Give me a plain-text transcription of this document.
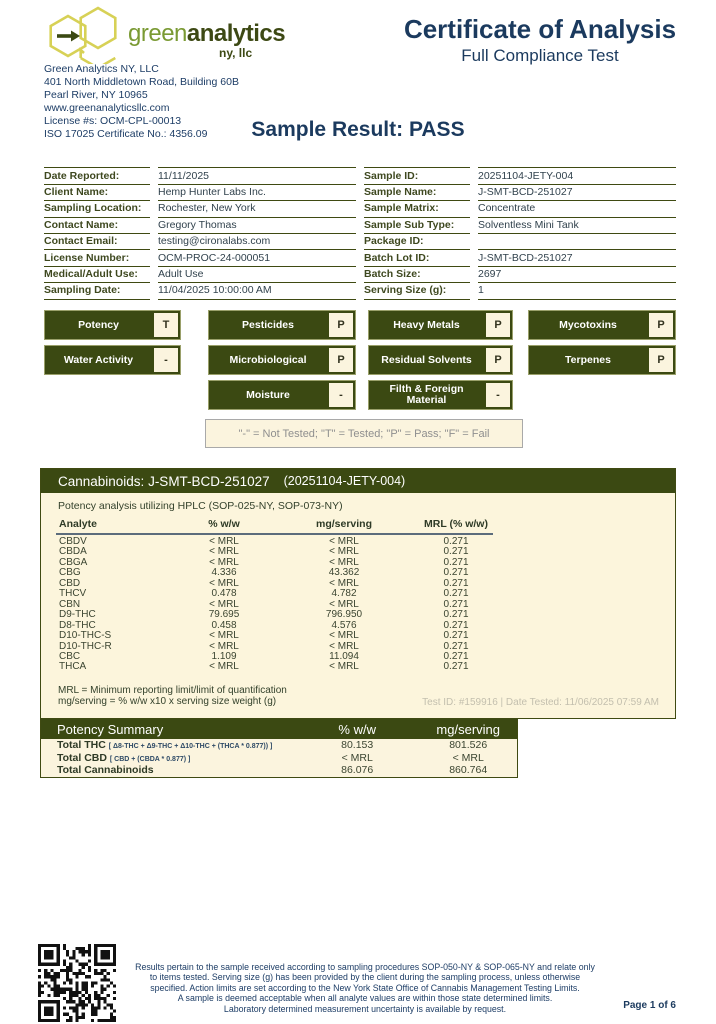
greenanalytics
ny, llc
Green Analytics NY, LLC
401 North Middletown Road, Building 60B
Pearl River, NY 10965
www.greenanalyticsllc.com
License #s: OCM-CPL-00013
ISO 17025 Certificate No.: 4356.09
Certificate of Analysis
Full Compliance Test
Sample Result: PASS
Date Reported:	11/11/2025
Client Name:	Hemp Hunter Labs Inc.
Sampling Location:	Rochester, New York
Contact Name:	Gregory Thomas
Contact Email:	testing@cironalabs.com
License Number:	OCM-PROC-24-000051
Medical/Adult Use:	Adult Use
Sampling Date:	11/04/2025 10:00:00 AM
Sample ID:	20251104-JETY-004
Sample Name:	J-SMT-BCD-251027
Sample Matrix:	Concentrate
Sample Sub Type:	Solventless Mini Tank
Package ID:
Batch Lot ID:	J-SMT-BCD-251027
Batch Size:	2697
Serving Size (g):	1
Potency	T
Water Activity	-
Pesticides	P
Microbiological	P
Moisture	-
Heavy Metals	P
Residual Solvents	P
Filth & Foreign Material	-
Mycotoxins	P
Terpenes	P
"-" = Not Tested; "T" = Tested; "P" = Pass; "F" = Fail
Cannabinoids: J-SMT-BCD-251027 (20251104-JETY-004)
Potency analysis utilizing HPLC (SOP-025-NY, SOP-073-NY)
Analyte	% w/w	mg/serving	MRL (% w/w)
CBDV	< MRL	< MRL	0.271
CBDA	< MRL	< MRL	0.271
CBGA	< MRL	< MRL	0.271
CBG	4.336	43.362	0.271
CBD	< MRL	< MRL	0.271
THCV	0.478	4.782	0.271
CBN	< MRL	< MRL	0.271
D9-THC	79.695	796.950	0.271
D8-THC	0.458	4.576	0.271
D10-THC-S	< MRL	< MRL	0.271
D10-THC-R	< MRL	< MRL	0.271
CBC	1.109	11.094	0.271
THCA	< MRL	< MRL	0.271
MRL = Minimum reporting limit/limit of quantification
mg/serving = % w/w x10 x serving size weight (g)	Test ID: #159916 | Date Tested: 11/06/2025 07:59 AM
Potency Summary	% w/w	mg/serving
Total THC [ Δ8-THC + Δ9-THC + Δ10-THC + (THCA * 0.877)) ]	80.153	801.526
Total CBD [ CBD + (CBDA * 0.877) ]	< MRL	< MRL
Total Cannabinoids	86.076	860.764
Results pertain to the sample received according to sampling procedures SOP-050-NY & SOP-065-NY and relate only
to items tested. Serving size (g) has been provided by the client during the sampling process, unless otherwise
specified. Action limits are set according to the New York State Office of Cannabis Management Testing Limits.
A sample is deemed acceptable when all analyte values are within those state determined limits.
Laboratory determined measurement uncertainty is available by request.	Page 1 of 6
